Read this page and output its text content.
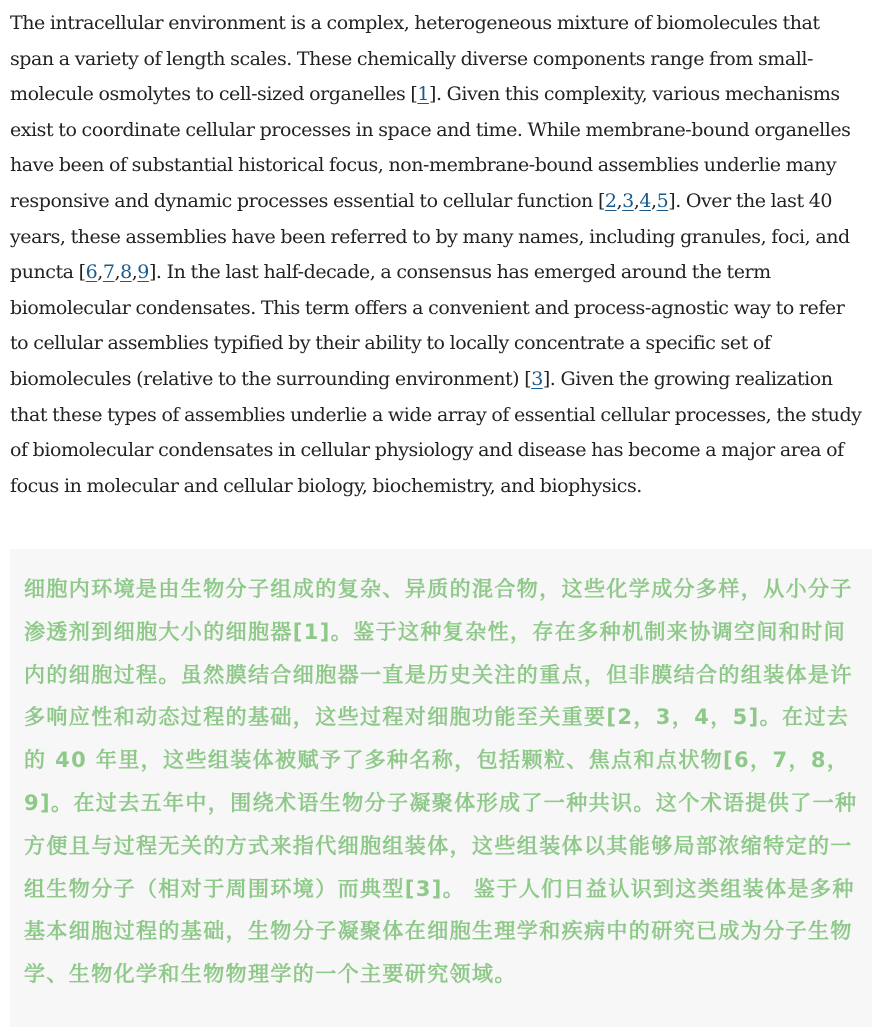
The intracellular environment is a complex, heterogeneous mixture of biomolecules that span a variety of length scales. These chemically diverse components range from small-molecule osmolytes to cell-sized organelles [1]. Given this complexity, various mechanisms exist to coordinate cellular processes in space and time. While membrane-bound organelles have been of substantial historical focus, non-membrane-bound assemblies underlie many responsive and dynamic processes essential to cellular function [2,3,4,5]. Over the last 40 years, these assemblies have been referred to by many names, including granules, foci, and puncta [6,7,8,9]. In the last half-decade, a consensus has emerged around the term biomolecular condensates. This term offers a convenient and process-agnostic way to refer to cellular assemblies typified by their ability to locally concentrate a specific set of biomolecules (relative to the surrounding environment) [3]. Given the growing realization that these types of assemblies underlie a wide array of essential cellular processes, the study of biomolecular condensates in cellular physiology and disease has become a major area of focus in molecular and cellular biology, biochemistry, and biophysics.

细胞内环境是由生物分子组成的复杂、异质的混合物，这些化学成分多样，从小分子渗透剂到细胞大小的细胞器[1]。鉴于这种复杂性，存在多种机制来协调空间和时间内的细胞过程。虽然膜结合细胞器一直是历史关注的重点，但非膜结合的组装体是许多响应性和动态过程的基础，这些过程对细胞功能至关重要[2，3，4，5]。在过去的 40 年里，这些组装体被赋予了多种名称，包括颗粒、焦点和点状物[6，7，8，9]。在过去五年中，围绕术语生物分子凝聚体形成了一种共识。这个术语提供了一种方便且与过程无关的方式来指代细胞组装体，这些组装体以其能够局部浓缩特定的一组生物分子（相对于周围环境）而典型[3]。 鉴于人们日益认识到这类组装体是多种基本细胞过程的基础，生物分子凝聚体在细胞生理学和疾病中的研究已成为分子生物学、生物化学和生物物理学的一个主要研究领域。
